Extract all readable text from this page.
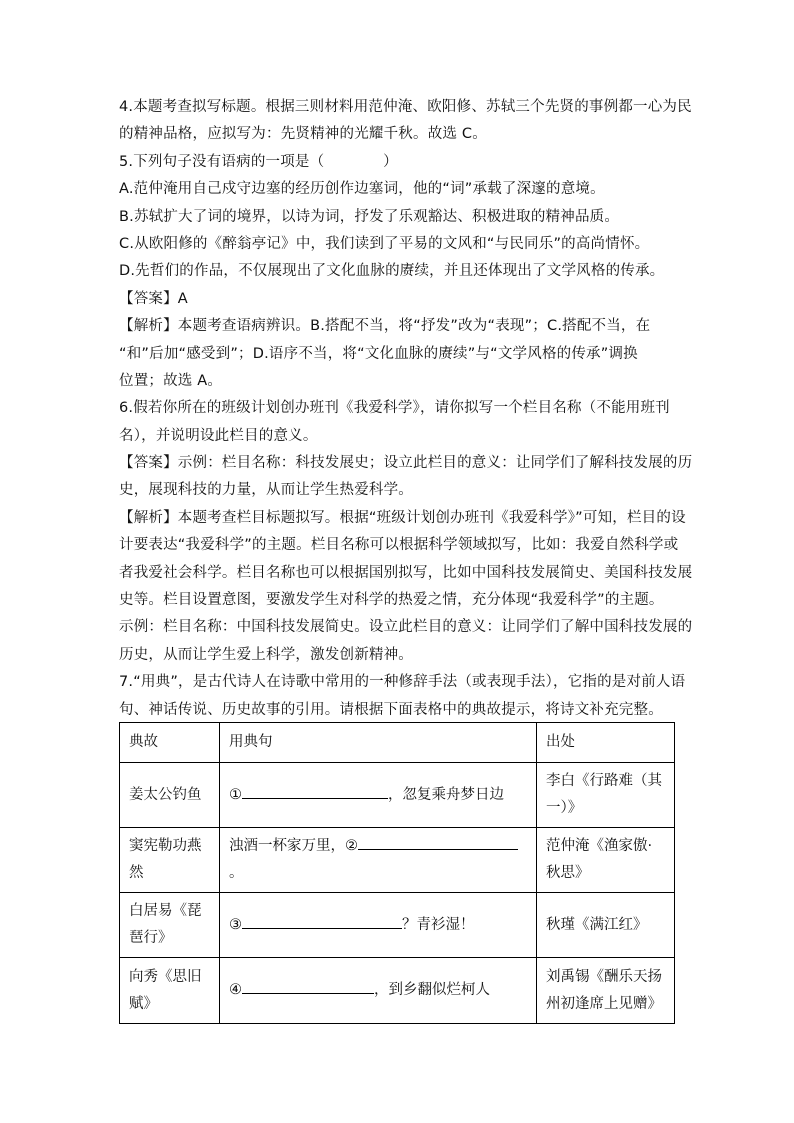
4.本题考查拟写标题。根据三则材料用范仲淹、欧阳修、苏轼三个先贤的事例都一心为民
的精神品格，应拟写为：先贤精神的光耀千秋。故选 C。
5.下列句子没有语病的一项是（　　　　）
A.范仲淹用自己戍守边塞的经历创作边塞词，他的“词”承载了深邃的意境。
B.苏轼扩大了词的境界，以诗为词，抒发了乐观豁达、积极进取的精神品质。
C.从欧阳修的《醉翁亭记》中，我们读到了平易的文风和“与民同乐”的高尚情怀。
D.先哲们的作品，不仅展现出了文化血脉的赓续，并且还体现出了文学风格的传承。
【答案】A
【解析】本题考查语病辨识。B.搭配不当，将“抒发”改为“表现”；C.搭配不当，在
“和”后加“感受到”；D.语序不当，将“文化血脉的赓续”与“文学风格的传承”调换
位置；故选 A。
6.假若你所在的班级计划创办班刊《我爱科学》，请你拟写一个栏目名称（不能用班刊
名），并说明设此栏目的意义。
【答案】示例：栏目名称：科技发展史；设立此栏目的意义：让同学们了解科技发展的历
史，展现科技的力量，从而让学生热爱科学。
【解析】本题考查栏目标题拟写。根据“班级计划创办班刊《我爱科学》”可知，栏目的设
计要表达“我爱科学”的主题。栏目名称可以根据科学领域拟写，比如：我爱自然科学或
者我爱社会科学。栏目名称也可以根据国别拟写，比如中国科技发展简史、美国科技发展
史等。栏目设置意图，要激发学生对科学的热爱之情，充分体现“我爱科学”的主题。
示例：栏目名称：中国科技发展简史。设立此栏目的意义：让同学们了解中国科技发展的
历史，从而让学生爱上科学，激发创新精神。
7.“用典”，是古代诗人在诗歌中常用的一种修辞手法（或表现手法），它指的是对前人语
句、神话传说、历史故事的引用。请根据下面表格中的典故提示，将诗文补充完整。
典故	用典句	出处
姜太公钓鱼	① ，忽复乘舟梦日边	李白《行路难（其一）》
窦宪勒功燕然	浊酒一杯家万里，②。	范仲淹《渔家傲·秋思》
白居易《琵琶行》	③ ？青衫湿！	秋瑾《满江红》
向秀《思旧赋》	④ ，到乡翻似烂柯人	刘禹锡《酬乐天扬州初逢席上见赠》
